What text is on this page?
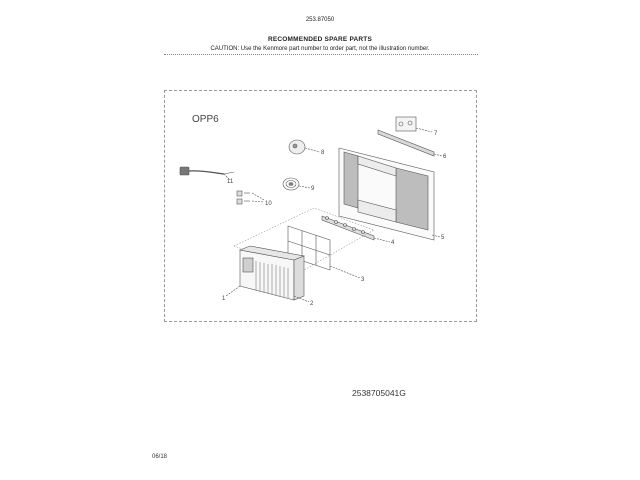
253.87050
RECOMMENDED SPARE PARTS
CAUTION: Use the Kenmore part number to order part, not the illustration number.
OPP6
7
6
5
8
9
11
10
4
3
1
2
2538705041G
06/18
